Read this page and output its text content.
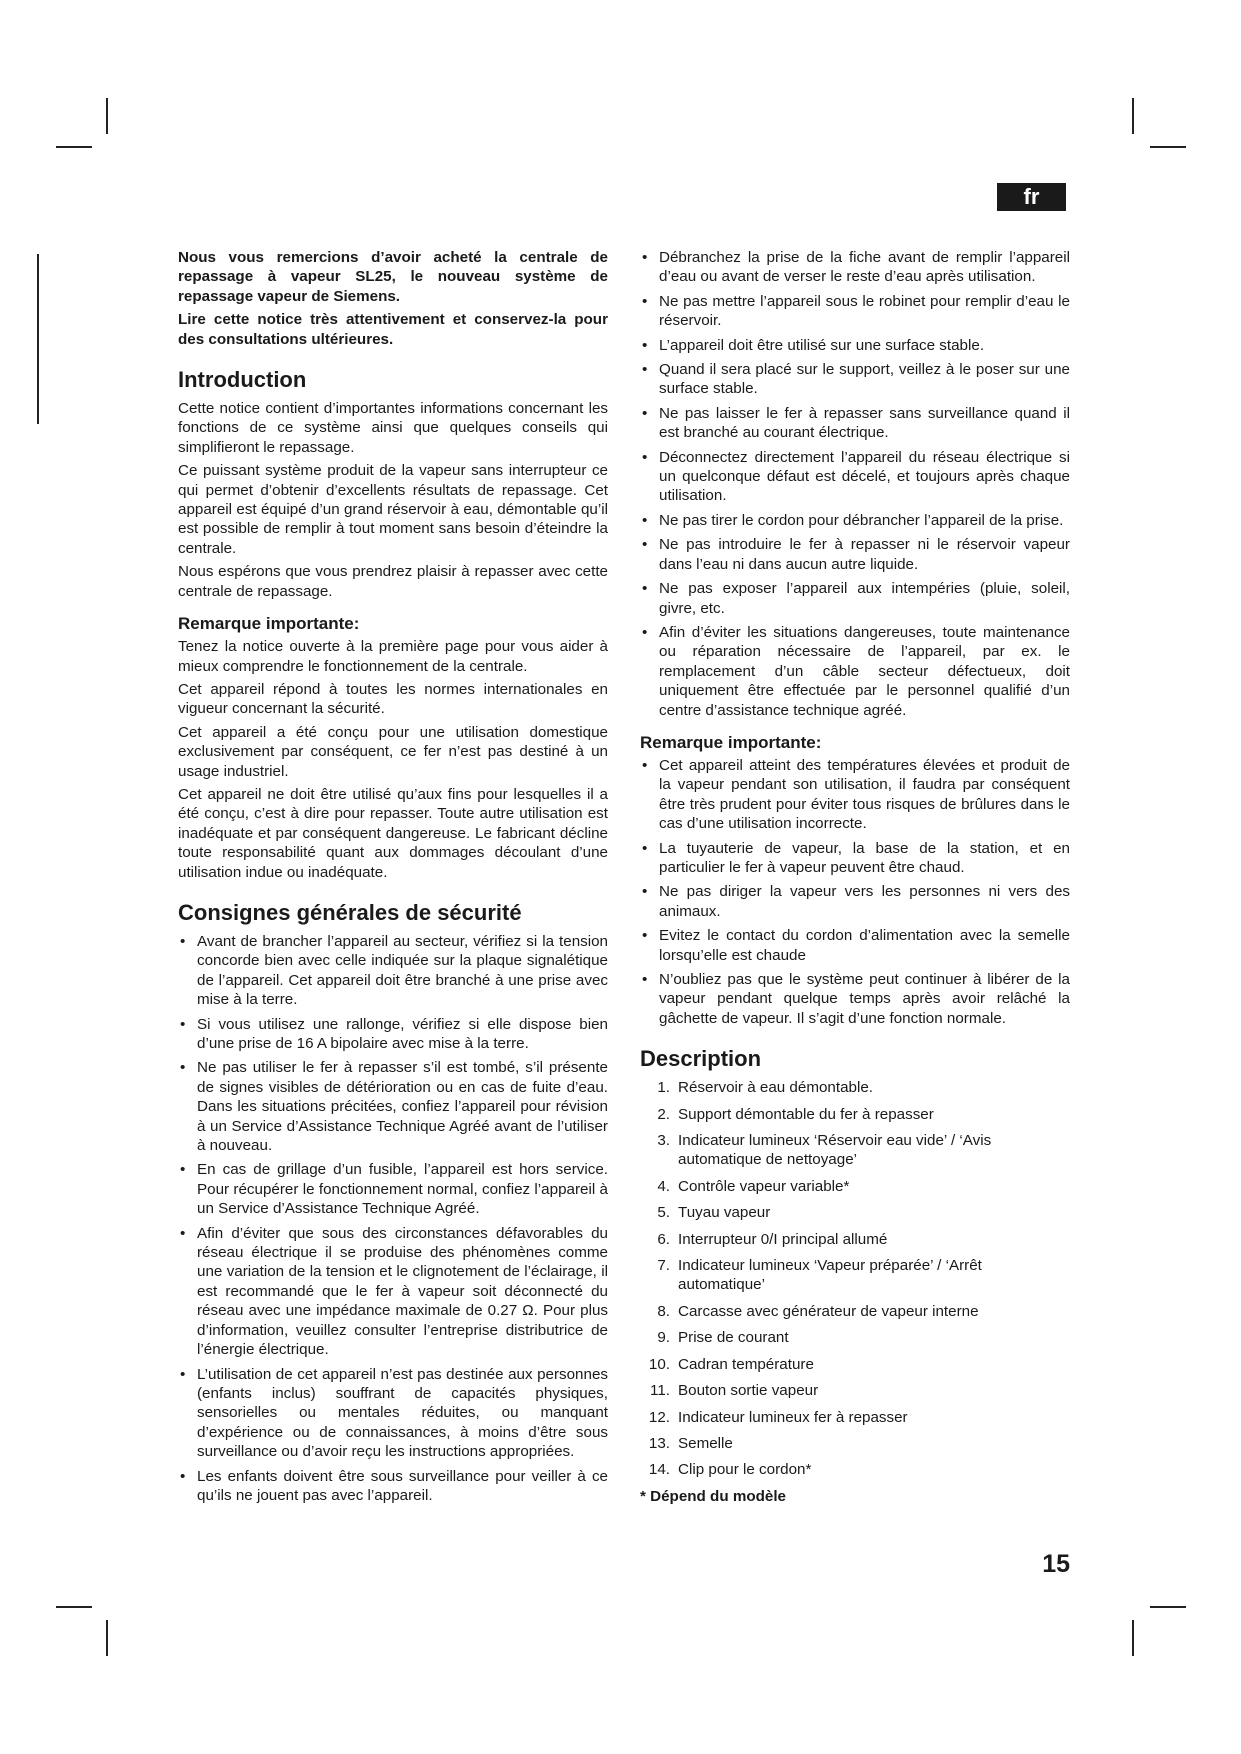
fr

Nous vous remercions d’avoir acheté la centrale de repassage à vapeur SL25, le nouveau système de repassage vapeur de Siemens.

Lire cette notice très attentivement et conservez-la pour des consultations ultérieures.

Introduction

Cette notice contient d’importantes informations concernant les fonctions de ce système ainsi que quelques conseils qui simplifieront le repassage.

Ce puissant système produit de la vapeur sans interrupteur ce qui permet d’obtenir d’excellents résultats de repassage. Cet appareil est équipé d’un grand réservoir à eau, démontable qu’il est possible de remplir à tout moment sans besoin d’éteindre la centrale.

Nous espérons que vous prendrez plaisir à repasser avec cette centrale de repassage.

Remarque importante:

Tenez la notice ouverte à la première page pour vous aider à mieux comprendre le fonctionnement de la centrale.

Cet appareil répond à toutes les normes internationales en vigueur concernant la sécurité.

Cet appareil a été conçu pour une utilisation domestique exclusivement par conséquent, ce fer n’est pas destiné à un usage industriel.

Cet appareil ne doit être utilisé qu’aux fins pour lesquelles il a été conçu, c’est à dire pour repasser. Toute autre utilisation est inadéquate et par conséquent dangereuse. Le fabricant décline toute responsabilité quant aux dommages découlant d’une utilisation indue ou inadéquate.

Consignes générales de sécurité
• Avant de brancher l’appareil au secteur, vérifiez si la tension concorde bien avec celle indiquée sur la plaque signalétique de l’appareil. Cet appareil doit être branché à une prise avec mise à la terre.
• Si vous utilisez une rallonge, vérifiez si elle dispose bien d’une prise de 16 A bipolaire avec mise à la terre.
• Ne pas utiliser le fer à repasser s’il est tombé, s’il présente de signes visibles de détérioration ou en cas de fuite d’eau. Dans les situations précitées, confiez l’appareil pour révision à un Service d’Assistance Technique Agréé avant de l’utiliser à nouveau.
• En cas de grillage d’un fusible, l’appareil est hors service. Pour récupérer le fonctionnement normal, confiez l’appareil à un Service d’Assistance Technique Agréé.
• Afin d’éviter que sous des circonstances défavorables du réseau électrique il se produise des phénomènes comme une variation de la tension et le clignotement de l’éclairage, il est recommandé que le fer à vapeur soit déconnecté du réseau avec une impédance maximale de 0.27 Ω. Pour plus d’information, veuillez consulter l’entreprise distributrice de l’énergie électrique.
• L’utilisation de cet appareil n’est pas destinée aux personnes (enfants inclus) souffrant de capacités physiques, sensorielles ou mentales réduites, ou manquant d’expérience ou de connaissances, à moins d’être sous surveillance ou d’avoir reçu les instructions appropriées.
• Les enfants doivent être sous surveillance pour veiller à ce qu’ils ne jouent pas avec l’appareil.
• Débranchez la prise de la fiche avant de remplir l’appareil d’eau ou avant de verser le reste d’eau après utilisation.
• Ne pas mettre l’appareil sous le robinet pour remplir d’eau le réservoir.
• L’appareil doit être utilisé sur une surface stable.
• Quand il sera placé sur le support, veillez à le poser sur une surface stable.
• Ne pas laisser le fer à repasser sans surveillance quand il est branché au courant électrique.
• Déconnectez directement l’appareil du réseau électrique si un quelconque défaut est décelé, et toujours après chaque utilisation.
• Ne pas tirer le cordon pour débrancher l’appareil de la prise.
• Ne pas introduire le fer à repasser ni le réservoir vapeur dans l’eau ni dans aucun autre liquide.
• Ne pas exposer l’appareil aux intempéries (pluie, soleil, givre, etc.
• Afin d’éviter les situations dangereuses, toute maintenance ou réparation nécessaire de l’appareil, par ex. le remplacement d’un câble secteur défectueux, doit uniquement être effectuée par le personnel qualifié d’un centre d’assistance technique agréé.
Remarque importante:
• Cet appareil atteint des températures élevées et produit de la vapeur pendant son utilisation, il faudra par conséquent être très prudent pour éviter tous risques de brûlures dans le cas d’une utilisation incorrecte.
• La tuyauterie de vapeur, la base de la station, et en particulier le fer à vapeur peuvent être chaud.
• Ne pas diriger la vapeur vers les personnes ni vers des animaux.
• Evitez le contact du cordon d’alimentation avec la semelle lorsqu’elle est chaude
• N’oubliez pas que le système peut continuer à libérer de la vapeur pendant quelque temps après avoir relâché la gâchette de vapeur. Il s’agit d’une fonction normale.
Description
1. Réservoir à eau démontable.
2. Support démontable du fer à repasser
3. Indicateur lumineux ‘Réservoir eau vide’ / ‘Avis automatique de nettoyage’
4. Contrôle vapeur variable*
5. Tuyau vapeur
6. Interrupteur 0/I principal allumé
7. Indicateur lumineux ‘Vapeur préparée’ / ‘Arrêt automatique’
8. Carcasse avec générateur de vapeur interne
9. Prise de courant
10. Cadran température
11. Bouton sortie vapeur
12. Indicateur lumineux fer à repasser
13. Semelle
14. Clip pour le cordon*
* Dépend du modèle
15
